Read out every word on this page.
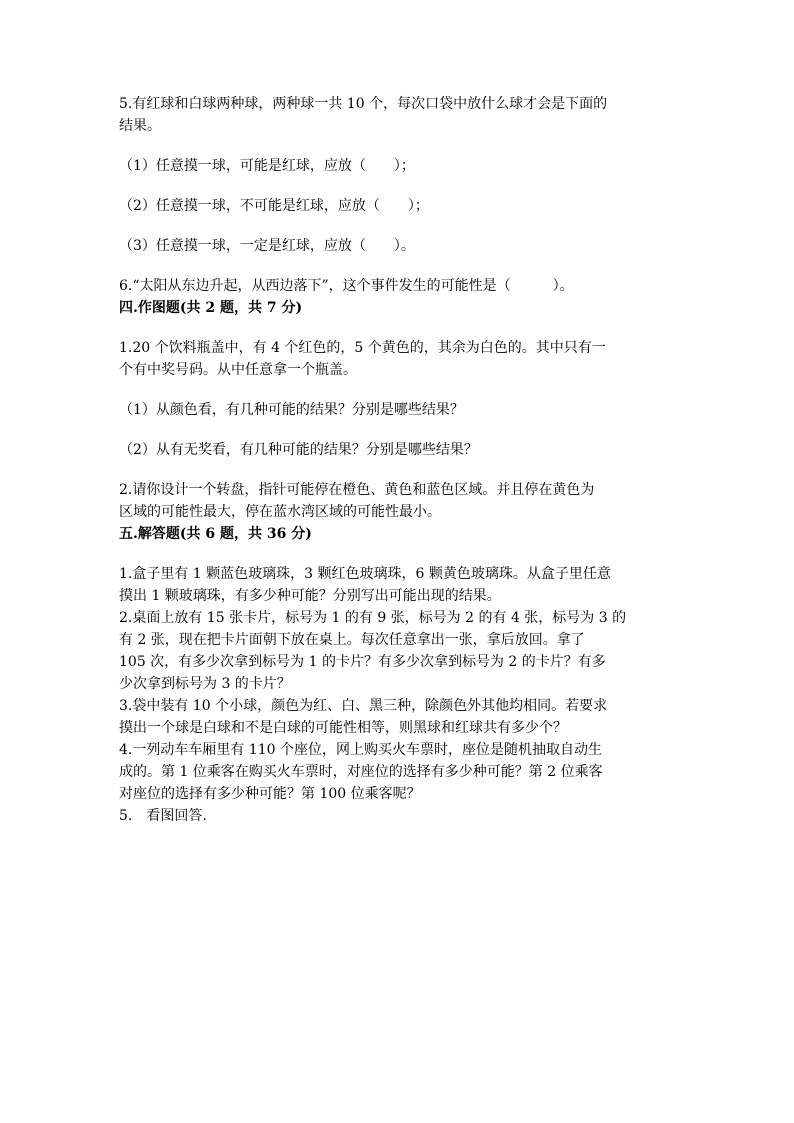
5.有红球和白球两种球，两种球一共 10 个，每次口袋中放什么球才会是下面的

结果。

（1）任意摸一球，可能是红球，应放（　　）；

（2）任意摸一球，不可能是红球，应放（　　）；

（3）任意摸一球，一定是红球，应放（　　）。

6.“太阳从东边升起，从西边落下”，这个事件发生的可能性是（　　　）。

四.作图题(共 2 题，共 7 分)

1.20 个饮料瓶盖中，有 4 个红色的，5 个黄色的，其余为白色的。其中只有一

个有中奖号码。从中任意拿一个瓶盖。

（1）从颜色看，有几种可能的结果？分别是哪些结果？

（2）从有无奖看，有几种可能的结果？分别是哪些结果？

2.请你设计一个转盘，指针可能停在橙色、黄色和蓝色区域。并且停在黄色为

区域的可能性最大，停在蓝水湾区域的可能性最小。

五.解答题(共 6 题，共 36 分)

1.盒子里有 1 颗蓝色玻璃珠，3 颗红色玻璃珠，6 颗黄色玻璃珠。从盒子里任意

摸出 1 颗玻璃珠，有多少种可能？分别写出可能出现的结果。

2.桌面上放有 15 张卡片，标号为 1 的有 9 张，标号为 2 的有 4 张，标号为 3 的

有 2 张，现在把卡片面朝下放在桌上。每次任意拿出一张，拿后放回。拿了

105 次，有多少次拿到标号为 1 的卡片？有多少次拿到标号为 2 的卡片？有多

少次拿到标号为 3 的卡片？

3.袋中装有 10 个小球，颜色为红、白、黑三种，除颜色外其他均相同。若要求

摸出一个球是白球和不是白球的可能性相等，则黑球和红球共有多少个？

4.一列动车车厢里有 110 个座位，网上购买火车票时，座位是随机抽取自动生

成的。第 1 位乘客在购买火车票时，对座位的选择有多少种可能？第 2 位乘客

对座位的选择有多少种可能？第 100 位乘客呢？

5.　看图回答.
